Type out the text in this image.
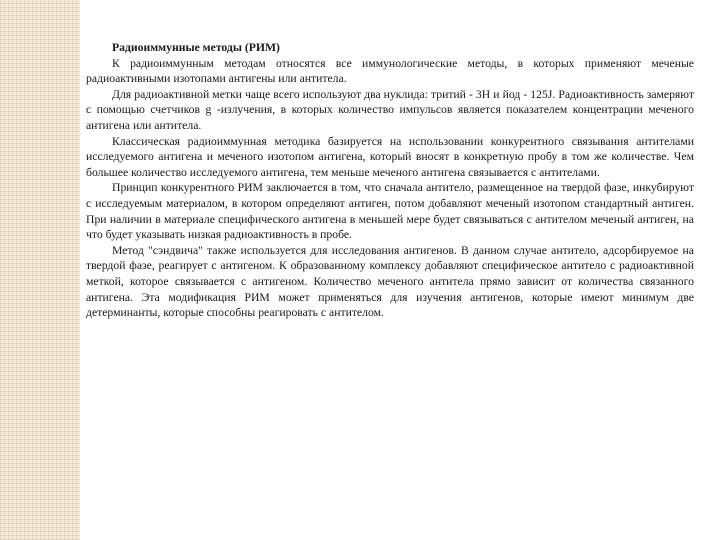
Радиоиммунные методы (РИМ)

К радиоиммунным методам относятся все иммунологические методы, в которых применяют меченые радиоактивными изотопами антигены или антитела.

Для радиоактивной метки чаще всего используют два нуклида: тритий - 3Н и йод - 125J. Радиоактивность замеряют с помощью счетчиков g -излучения, в которых количество импульсов является показателем концентрации меченого антигена или антитела.

Классическая радиоиммунная методика базируется на использовании конкурентного связывания антителами исследуемого антигена и меченого изотопом антигена, который вносят в конкретную пробу в том же количестве. Чем большее количество исследуемого антигена, тем меньше меченого антигена связывается с антителами.

Принцип конкурентного РИМ заключается в том, что сначала антитело, размещенное на твердой фазе, инкубируют с исследуемым материалом, в котором определяют антиген, потом добавляют меченый изотопом стандартный антиген. При наличии в материале специфического антигена в меньшей мере будет связываться с антителом меченый антиген, на что будет указывать низкая радиоактивность в пробе.

Метод "сэндвича" также используется для исследования антигенов. В данном случае антитело, адсорбируемое на твердой фазе, реагирует с антигеном. К образованному комплексу добавляют специфическое антитело с радиоактивной меткой, которое связывается с антигеном. Количество меченого антитела прямо зависит от количества связанного антигена. Эта модификация РИМ может применяться для изучения антигенов, которые имеют минимум две детерминанты, которые способны реагировать с антителом.
